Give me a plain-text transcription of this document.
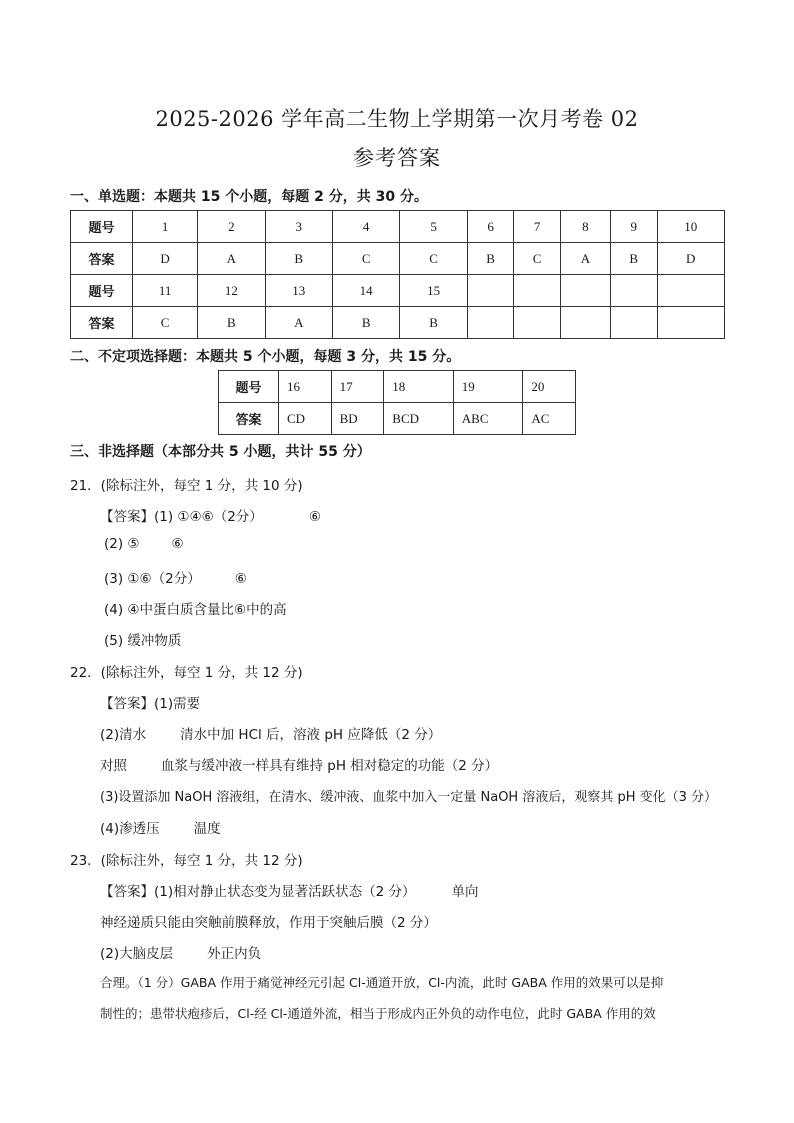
2025-2026 学年高二生物上学期第一次月考卷 02
参考答案
一、单选题：本题共 15 个小题，每题 2 分，共 30 分。
题号	1	2	3	4	5	6	7	8	9	10
答案	D	A	B	C	C	B	C	A	B	D
题号	11	12	13	14	15					
答案	C	B	A	B	B					
二、不定项选择题：本题共 5 个小题，每题 3 分，共 15 分。
题号	16	17	18	19	20
答案	CD	BD	BCD	ABC	AC
三、非选择题（本部分共 5 小题，共计 55 分）
21．(除标注外，每空 1 分，共 10 分)
【答案】(1) ①④⑥（2分）	⑥
(2) ⑤ ⑥
(3) ①⑥（2分）	⑥
(4) ④中蛋白质含量比⑥中的高
(5) 缓冲物质
22．(除标注外，每空 1 分，共 12 分)
【答案】(1)需要
(2)清水	清水中加 HCl 后，溶液 pH 应降低（2 分）
对照	血浆与缓冲液一样具有维持 pH 相对稳定的功能（2 分）
(3)设置添加 NaOH 溶液组，在清水、缓冲液、血浆中加入一定量 NaOH 溶液后，观察其 pH 变化（3 分）
(4)渗透压	温度
23．(除标注外，每空 1 分，共 12 分)
【答案】(1)相对静止状态变为显著活跃状态（2 分）	单向
神经递质只能由突触前膜释放，作用于突触后膜（2 分）
(2)大脑皮层	外正内负
合理。（1 分）GABA 作用于痛觉神经元引起 Cl-通道开放，Cl-内流，此时 GABA 作用的效果可以是抑
制性的；患带状疱疹后，Cl-经 Cl-通道外流，相当于形成内正外负的动作电位，此时 GABA 作用的效
